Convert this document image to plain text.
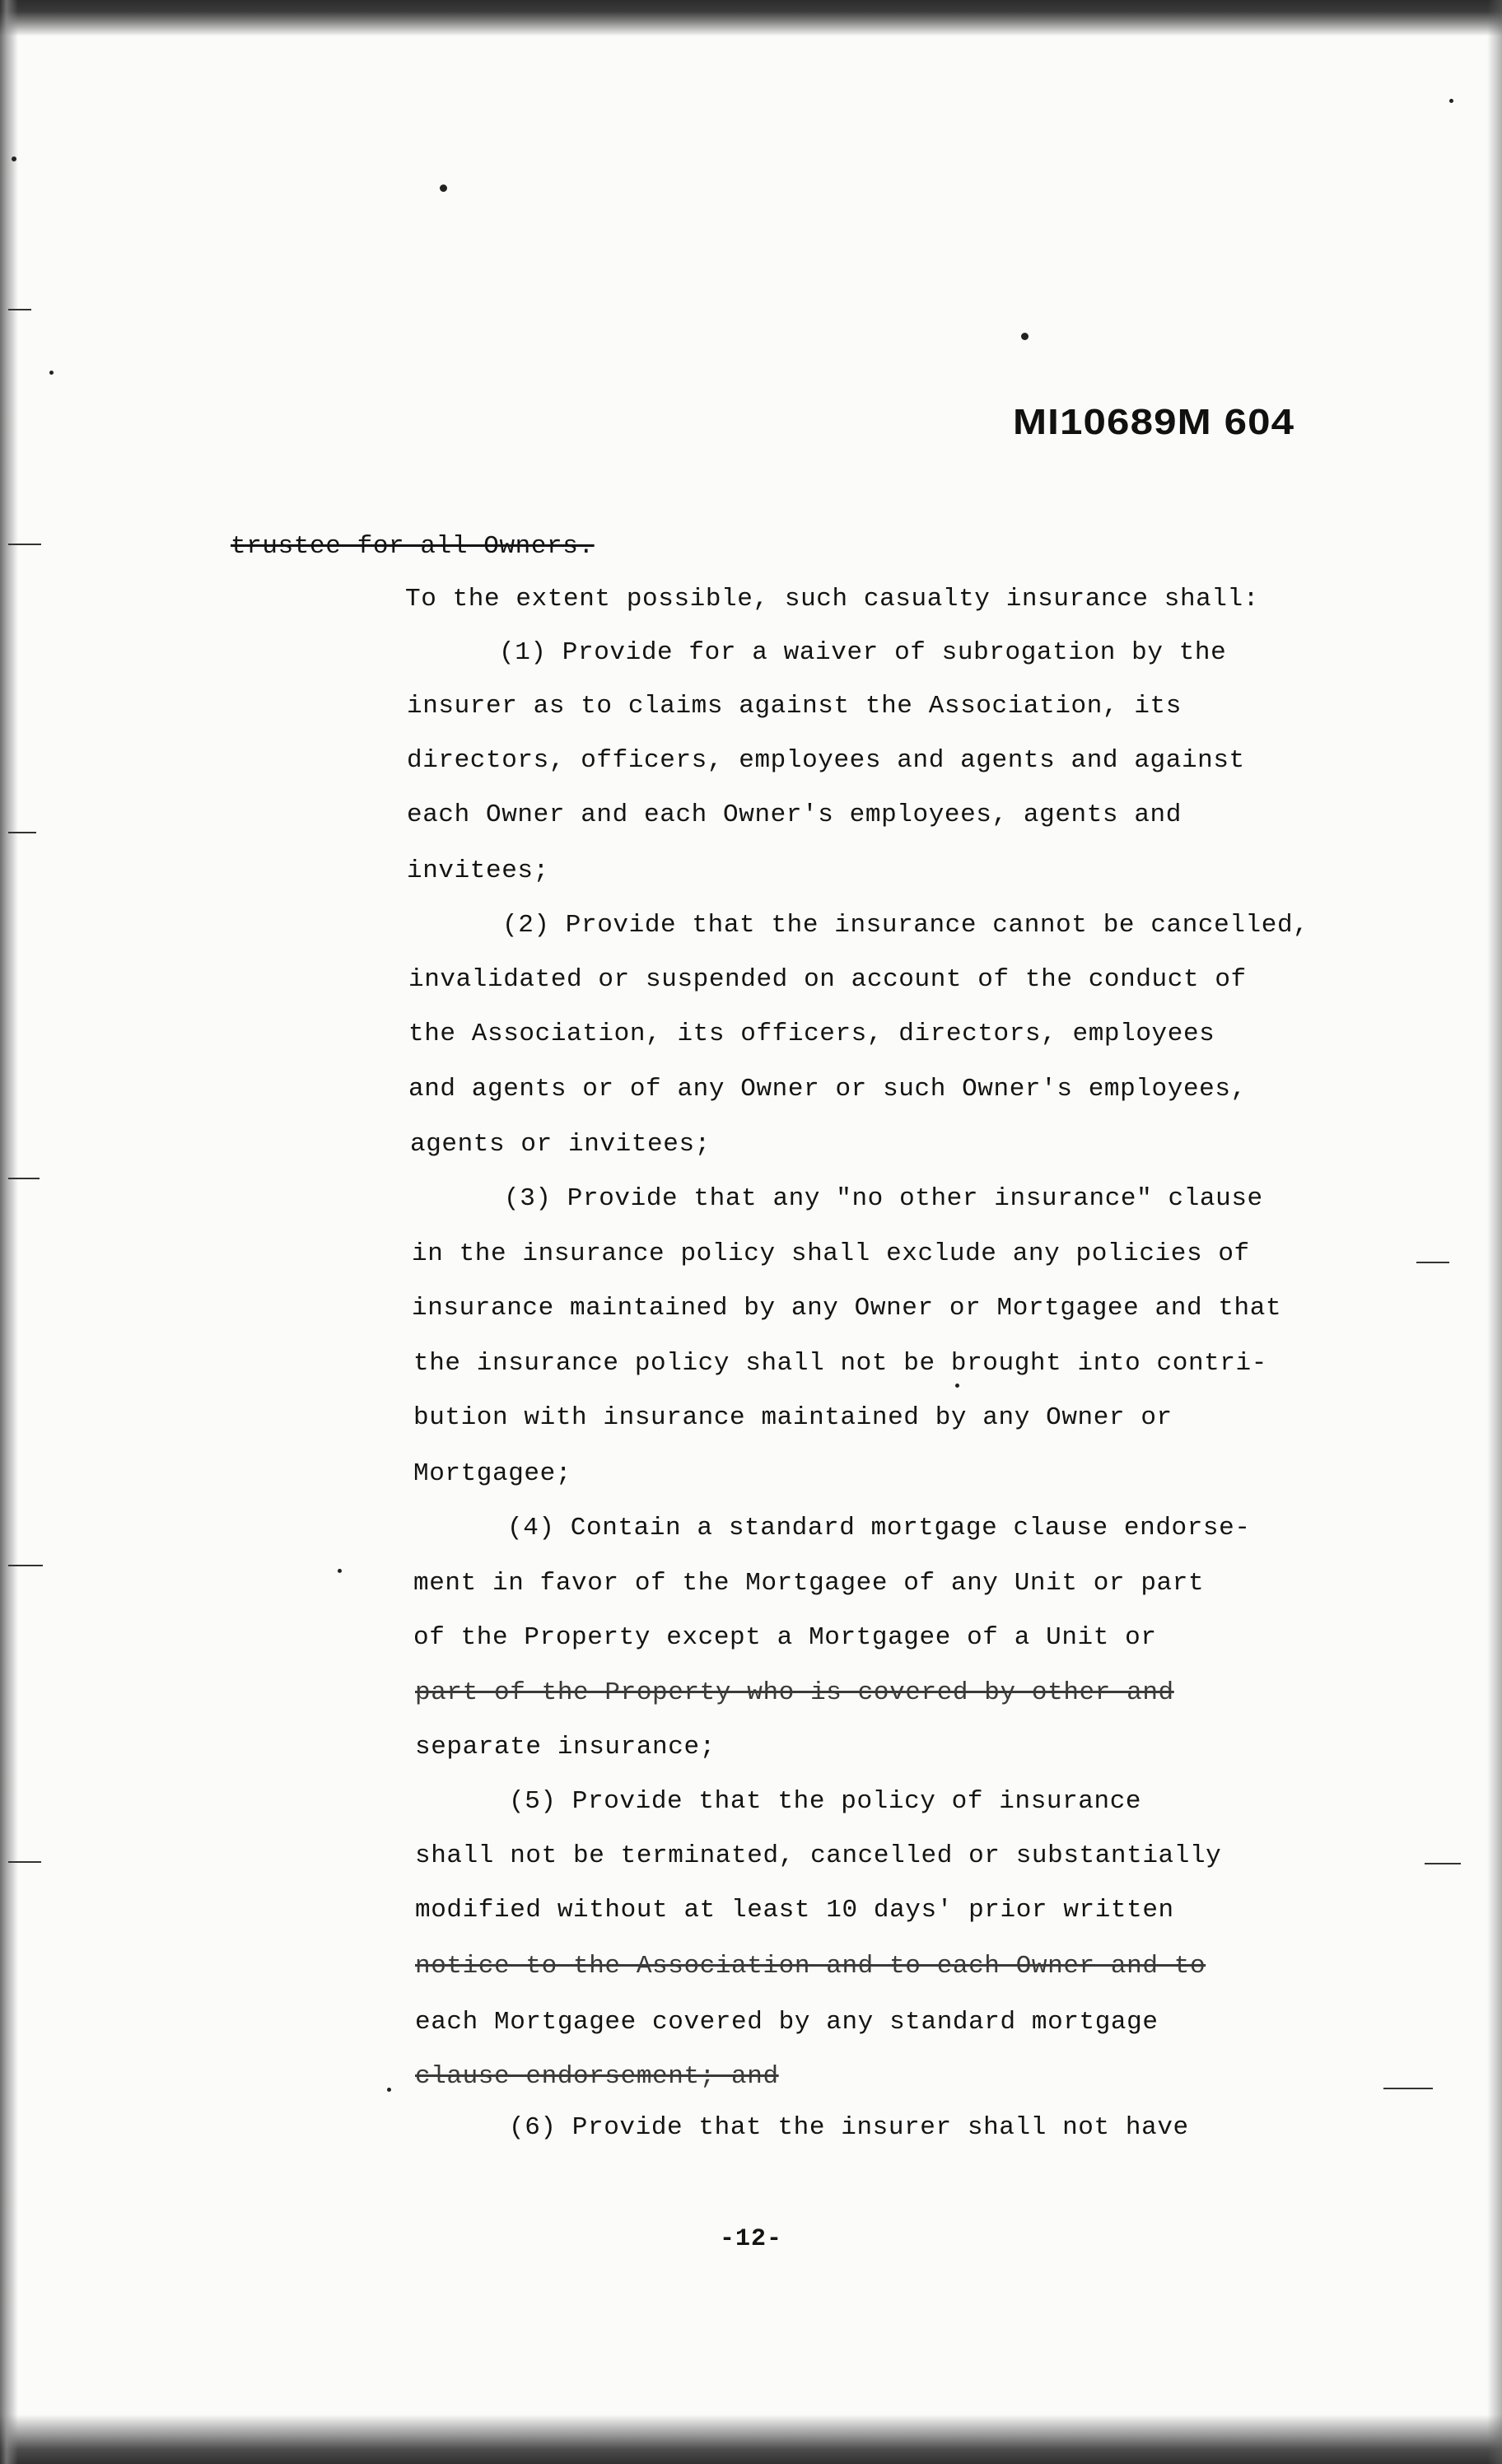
MI10689M 604
trustee for all Owners.
To the extent possible, such casualty insurance shall:
(1) Provide for a waiver of subrogation by the
insurer as to claims against the Association, its
directors, officers, employees and agents and against
each Owner and each Owner's employees, agents and
invitees;
(2) Provide that the insurance cannot be cancelled,
invalidated or suspended on account of the conduct of
the Association, its officers, directors, employees
and agents or of any Owner or such Owner's employees,
agents or invitees;
(3) Provide that any "no other insurance" clause
in the insurance policy shall exclude any policies of
insurance maintained by any Owner or Mortgagee and that
the insurance policy shall not be brought into contri-
bution with insurance maintained by any Owner or
Mortgagee;
(4) Contain a standard mortgage clause endorse-
ment in favor of the Mortgagee of any Unit or part
of the Property except a Mortgagee of a Unit or
part of the Property who is covered by other and
separate insurance;
(5) Provide that the policy of insurance
shall not be terminated, cancelled or substantially
modified without at least 10 days' prior written
notice to the Association and to each Owner and to
each Mortgagee covered by any standard mortgage
clause endorsement; and
(6) Provide that the insurer shall not have
-12-
